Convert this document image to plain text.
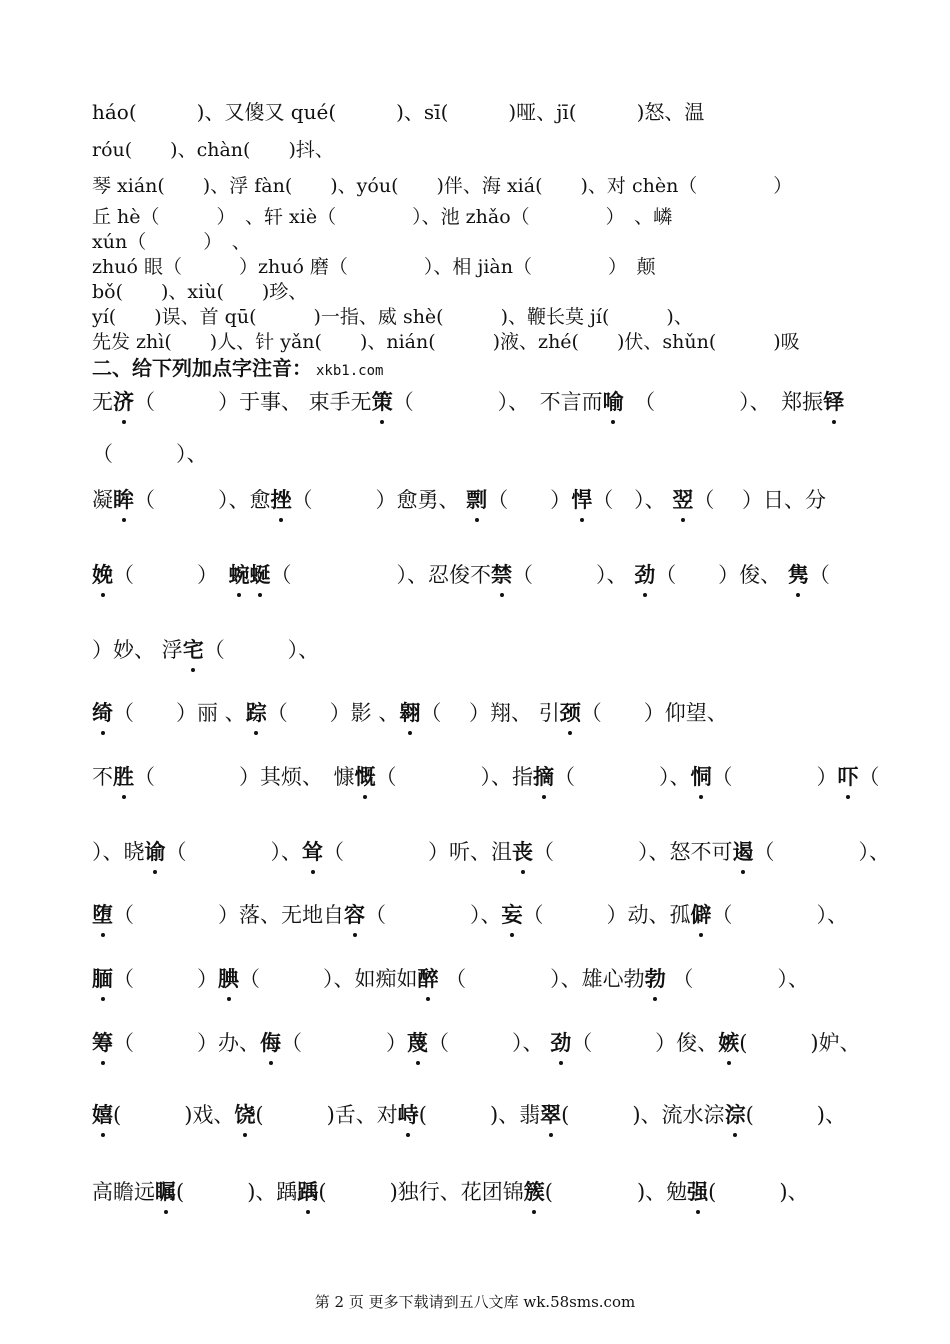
háo(　　　)、又傻又 qué(　　　)、sī(　　　)哑、jī(　　　)怒、温
róu(　　)、chàn(　　)抖、
琴 xián(　　)、浮 fàn(　　)、yóu(　　)伴、海 xiá(　　)、对 chèn（　　　　）
丘 hè（　　　）　、轩 xiè（　　　　）、池 zhǎo（　　　　）　、嶙
xún（　　　）　、
zhuó 眼（　　　）zhuó 磨（　　　　）、相 jiàn（　　　　）　颠
bǒ(　　)、xiù(　　)珍、
yí(　　)误、首 qū(　　　)一指、威 shè(　　　)、鞭长莫 jí(　　　)、
先发 zhì(　　)人、针 yǎn(　　)、nián(　　　)液、zhé(　　)伏、shǔn(　　　)吸
二、给下列加点字注音： xkb1.com
无济（　　　）于事、 束手无策（　　　　）、　不言而喻　（　　　　）、　郑振铎
（　　　）、
凝眸（　　　）、愈挫（　　　）愈勇、 剽（　　）悍（　）、 翌（　 ）日、分
娩（　　　）　蜿蜒（　　　　　）、忍俊不禁（　　　）、 劲（　　）俊、 隽（
）妙、 浮宅（　　　）、
绮（　　）丽 、踪（　　）影 、翱（　 ）翔、 引颈（　　）仰望、
不胜（　　　　）其烦、　慷慨（　　　　）、指摘（　　　　）、恫（　　　　）吓（
）、晓谕（　　　　）、耸（　　　　）听、沮丧（　　　　）、怒不可遏（　　　　）、
堕（　　　　）落、无地自容（　　　　）、妄（　　　）动、孤僻（　　　　）、
腼（　　　）腆（　　　）、如痴如醉 （　　　　）、雄心勃勃 （　　　　）、
筹（　　　）办、侮（　　　　）蔑（　　　）、 劲（　　　）俊、嫉(　　　)妒、
嬉(　　　)戏、饶(　　　)舌、对峙(　　　)、翡翠(　　　)、流水淙淙(　　　)、
高瞻远瞩(　　　)、踽踽(　　　)独行、花团锦簇(　　　　)、勉强(　　　)、
第 2 页 更多下载请到五八文库 wk.58sms.com
